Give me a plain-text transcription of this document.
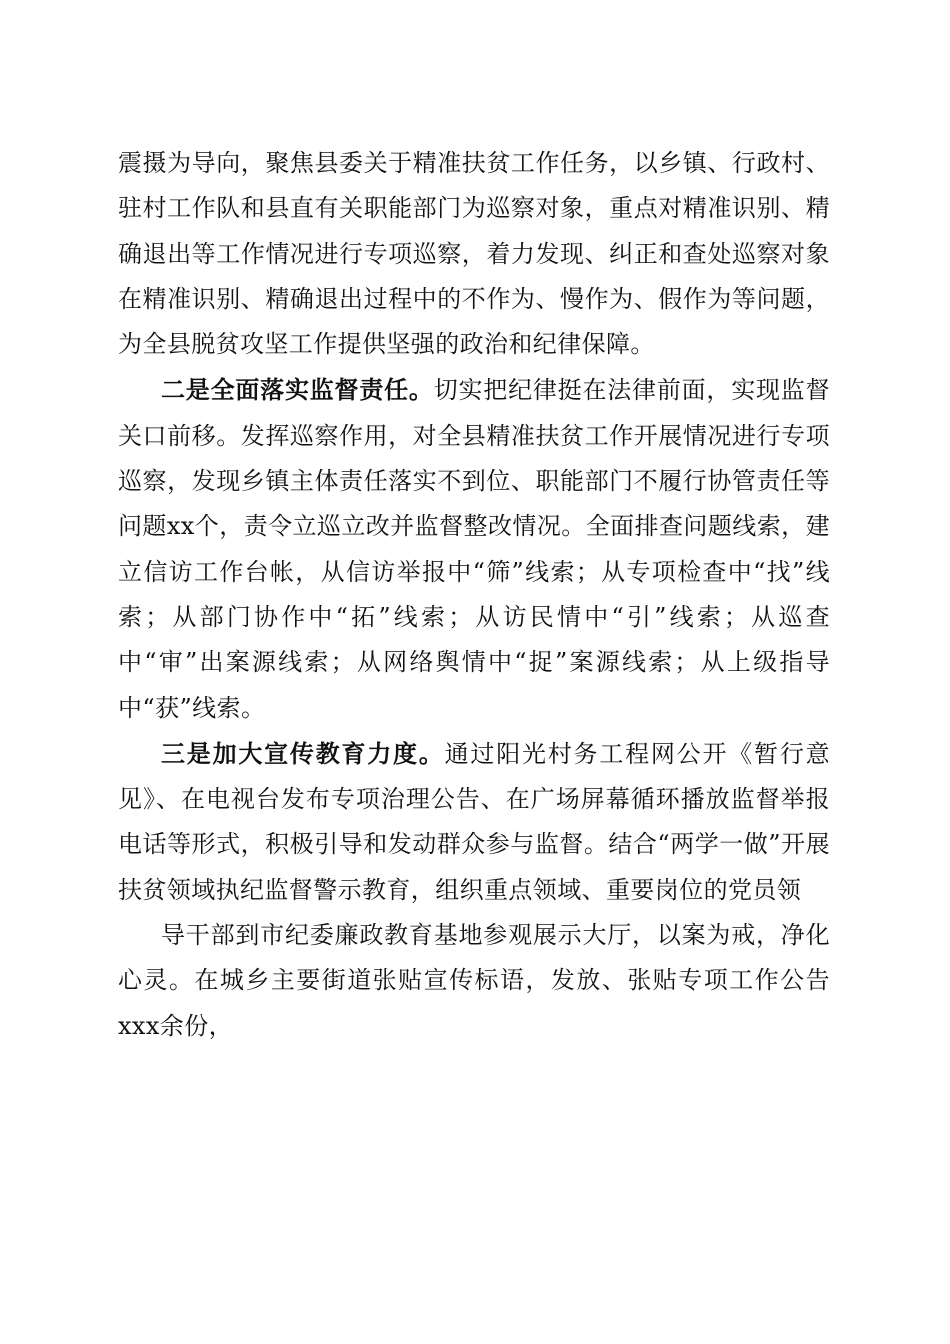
震摄为导向，聚焦县委关于精准扶贫工作任务，以乡镇、行政村、驻村工作队和县直有关职能部门为巡察对象，重点对精准识别、精确退出等工作情况进行专项巡察，着力发现、纠正和查处巡察对象在精准识别、精确退出过程中的不作为、慢作为、假作为等问题，为全县脱贫攻坚工作提供坚强的政治和纪律保障。

二是全面落实监督责任。切实把纪律挺在法律前面，实现监督关口前移。发挥巡察作用，对全县精准扶贫工作开展情况进行专项巡察，发现乡镇主体责任落实不到位、职能部门不履行协管责任等问题xx个，责令立巡立改并监督整改情况。全面排查问题线索，建立信访工作台帐，从信访举报中“筛”线索；从专项检查中“找”线索；从部门协作中“拓”线索；从访民情中“引”线索；从巡查中“审”出案源线索；从网络舆情中“捉”案源线索；从上级指导中“获”线索。

三是加大宣传教育力度。通过阳光村务工程网公开《暂行意见》、在电视台发布专项治理公告、在广场屏幕循环播放监督举报电话等形式，积极引导和发动群众参与监督。结合“两学一做”开展扶贫领域执纪监督警示教育，组织重点领域、重要岗位的党员领

导干部到市纪委廉政教育基地参观展示大厅，以案为戒，净化心灵。在城乡主要街道张贴宣传标语，发放、张贴专项工作公告xxx余份，
